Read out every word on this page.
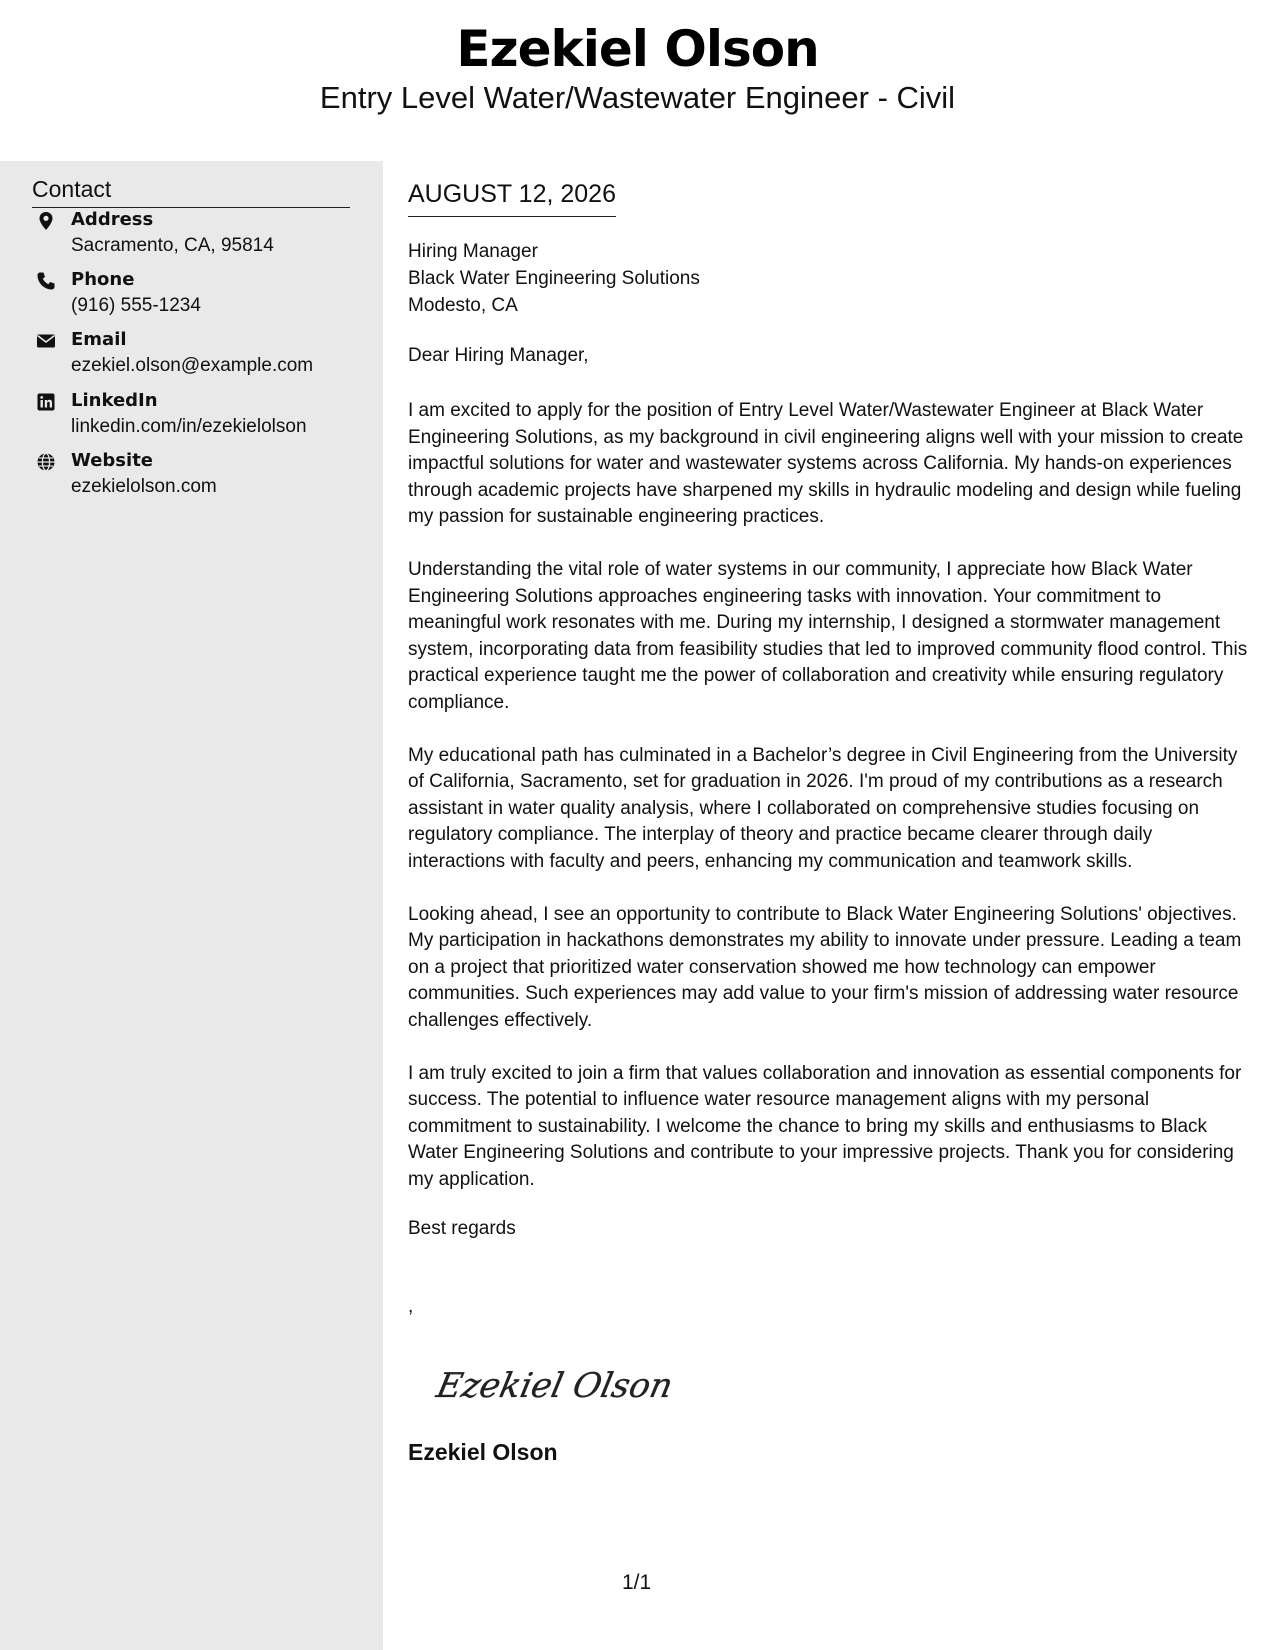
Ezekiel Olson
Entry Level Water/Wastewater Engineer - Civil
Contact
Address
Sacramento, CA, 95814
Phone
(916) 555-1234
Email
ezekiel.olson@example.com
LinkedIn
linkedin.com/in/ezekielolson
Website
ezekielolson.com
AUGUST 12, 2026
Hiring Manager
Black Water Engineering Solutions
Modesto, CA
Dear Hiring Manager,

I am excited to apply for the position of Entry Level Water/Wastewater Engineer at Black Water Engineering Solutions, as my background in civil engineering aligns well with your mission to create impactful solutions for water and wastewater systems across California. My hands-on experiences through academic projects have sharpened my skills in hydraulic modeling and design while fueling my passion for sustainable engineering practices.

Understanding the vital role of water systems in our community, I appreciate how Black Water Engineering Solutions approaches engineering tasks with innovation. Your commitment to meaningful work resonates with me. During my internship, I designed a stormwater management system, incorporating data from feasibility studies that led to improved community flood control. This practical experience taught me the power of collaboration and creativity while ensuring regulatory compliance.

My educational path has culminated in a Bachelor’s degree in Civil Engineering from the University of California, Sacramento, set for graduation in 2026. I'm proud of my contributions as a research assistant in water quality analysis, where I collaborated on comprehensive studies focusing on regulatory compliance. The interplay of theory and practice became clearer through daily interactions with faculty and peers, enhancing my communication and teamwork skills.

Looking ahead, I see an opportunity to contribute to Black Water Engineering Solutions' objectives. My participation in hackathons demonstrates my ability to innovate under pressure. Leading a team on a project that prioritized water conservation showed me how technology can empower communities. Such experiences may add value to your firm's mission of addressing water resource challenges effectively.

I am truly excited to join a firm that values collaboration and innovation as essential components for success. The potential to influence water resource management aligns with my personal commitment to sustainability. I welcome the chance to bring my skills and enthusiasms to Black Water Engineering Solutions and contribute to your impressive projects. Thank you for considering my application.

Best regards
,
Ezekiel Olson
Ezekiel Olson
1/1
